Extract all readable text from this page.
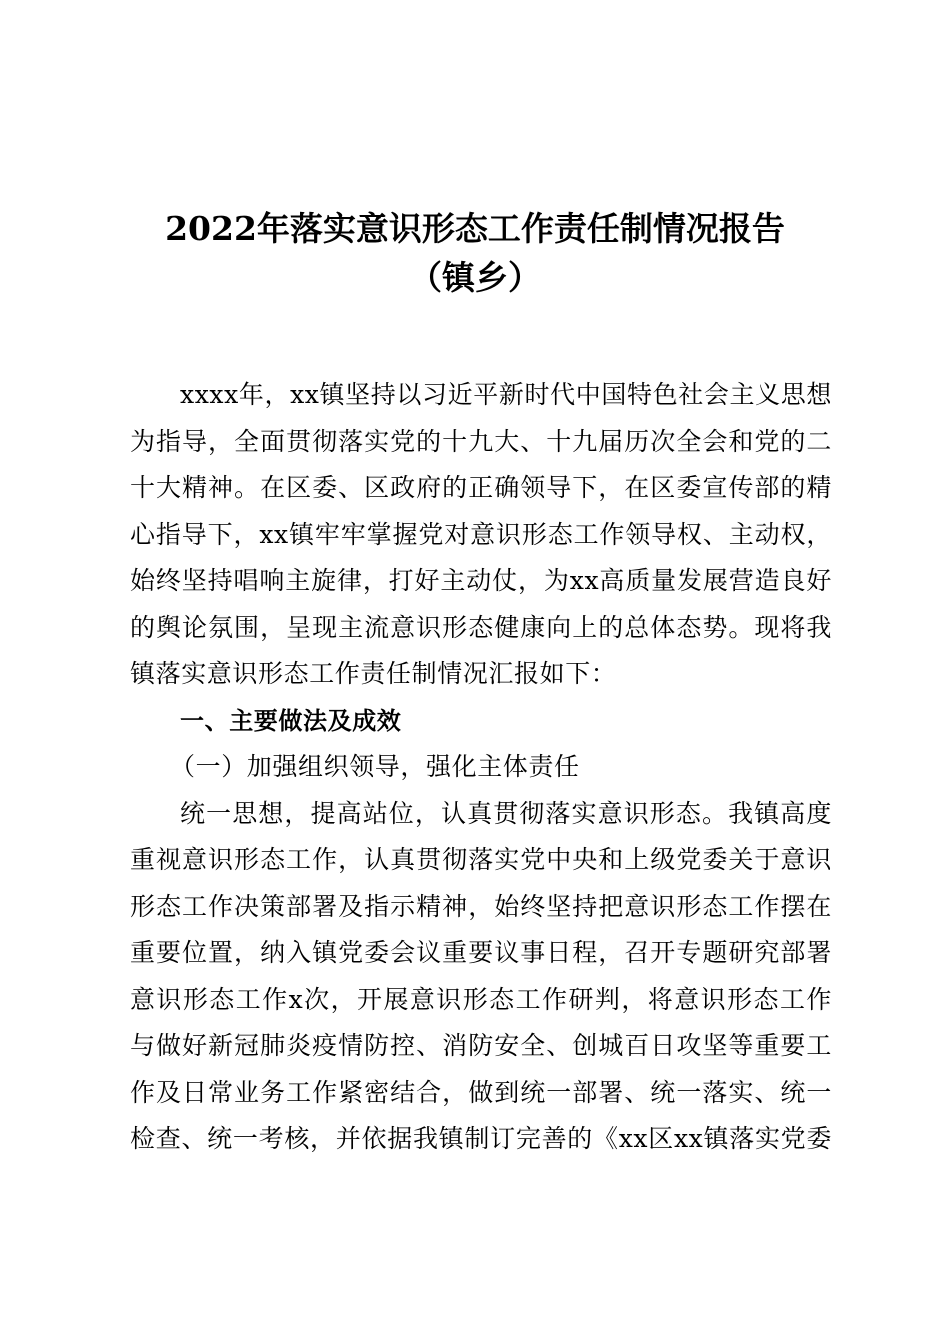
2022年落实意识形态工作责任制情况报告
（镇乡）
xxxx年，xx镇坚持以习近平新时代中国特色社会主义思想
为指导，全面贯彻落实党的十九大、十九届历次全会和党的二
十大精神。在区委、区政府的正确领导下，在区委宣传部的精
心指导下，xx镇牢牢掌握党对意识形态工作领导权、主动权，
始终坚持唱响主旋律，打好主动仗，为xx高质量发展营造良好
的舆论氛围，呈现主流意识形态健康向上的总体态势。现将我
镇落实意识形态工作责任制情况汇报如下：
一、主要做法及成效
（一）加强组织领导，强化主体责任
统一思想，提高站位，认真贯彻落实意识形态。我镇高度
重视意识形态工作，认真贯彻落实党中央和上级党委关于意识
形态工作决策部署及指示精神，始终坚持把意识形态工作摆在
重要位置，纳入镇党委会议重要议事日程，召开专题研究部署
意识形态工作x次，开展意识形态工作研判，将意识形态工作
与做好新冠肺炎疫情防控、消防安全、创城百日攻坚等重要工
作及日常业务工作紧密结合，做到统一部署、统一落实、统一
检查、统一考核，并依据我镇制订完善的《xx区xx镇落实党委
